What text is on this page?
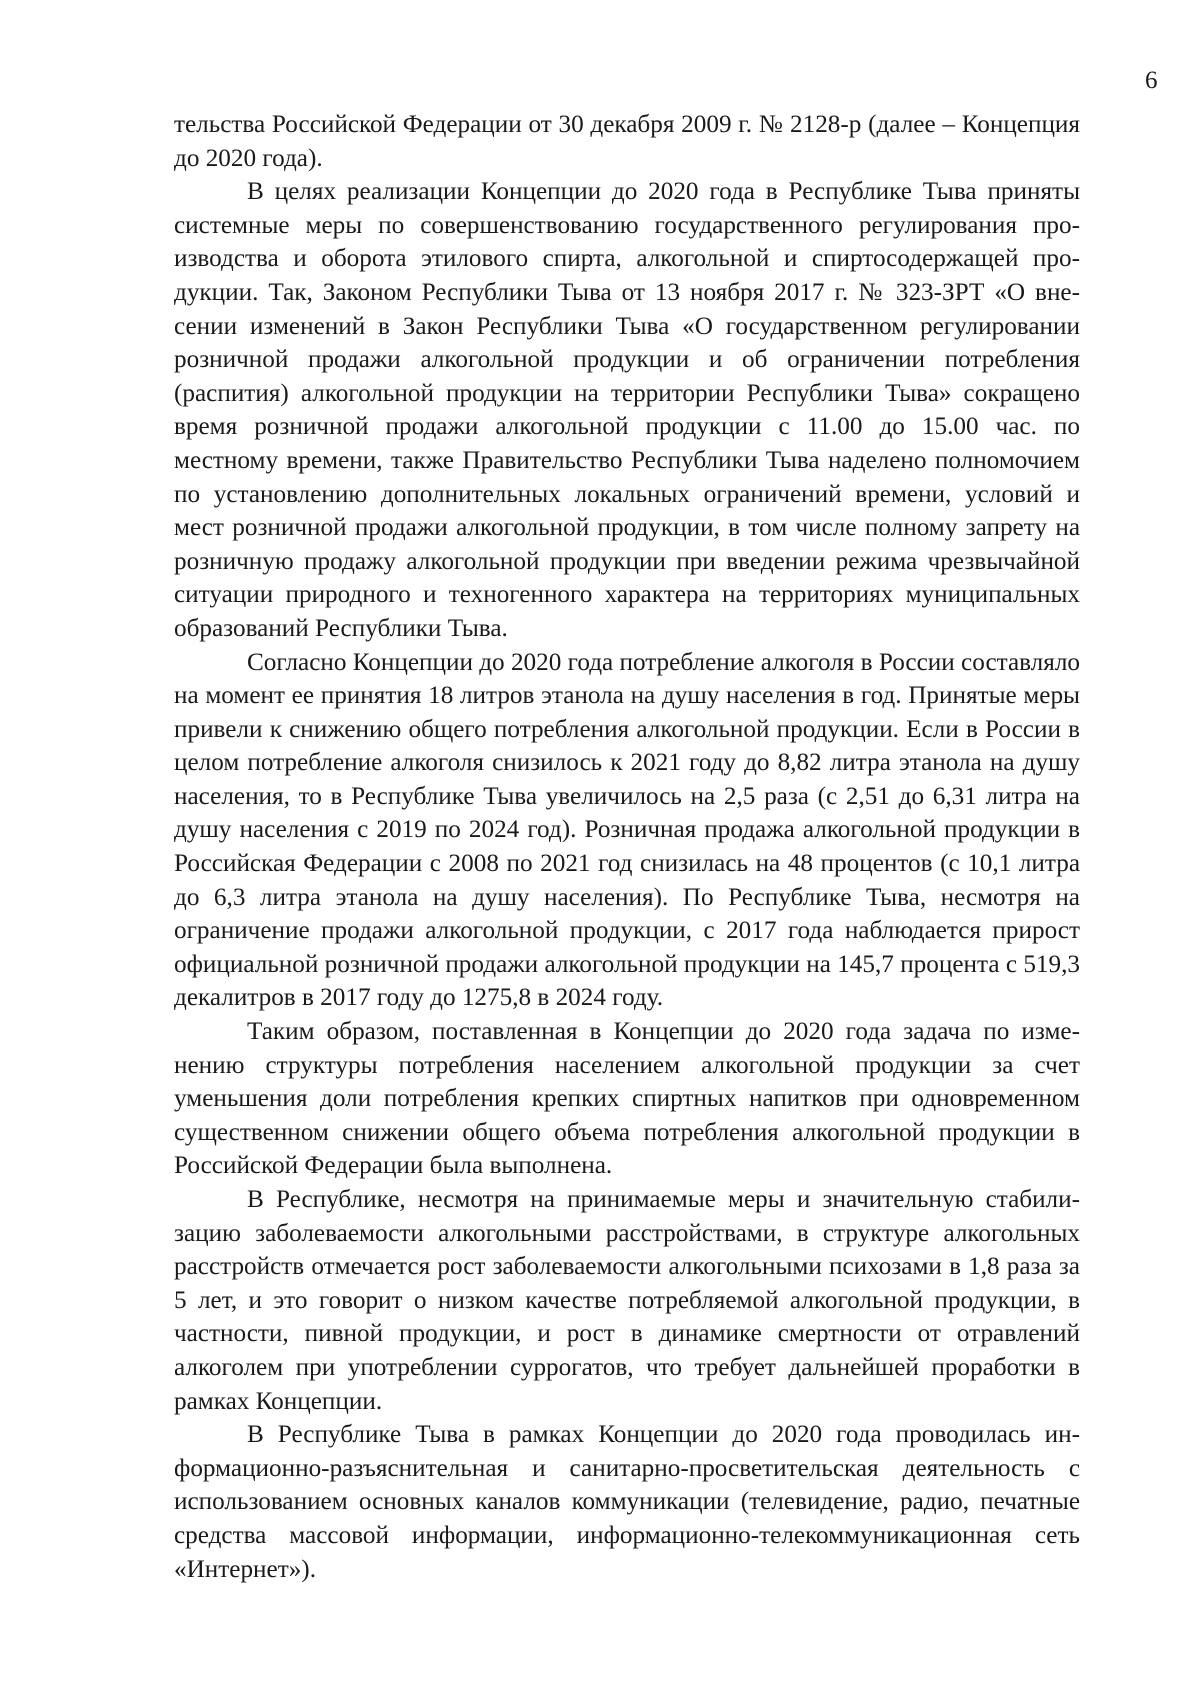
6

тельства Российской Федерации от 30 декабря 2009 г. № 2128-р (далее – Концепция до 2020 года).

В целях реализации Концепции до 2020 года в Республике Тыва приняты системные меры по совершенствованию государственного регулирования производства и оборота этилового спирта, алкогольной и спиртосодержащей продукции. Так, Законом Республики Тыва от 13 ноября 2017 г. № 323-ЗРТ «О внесении изменений в Закон Республики Тыва «О государственном регулировании розничной продажи алкогольной продукции и об ограничении потребления (распития) алкогольной продукции на территории Республики Тыва» сокращено время розничной продажи алкогольной продукции с 11.00 до 15.00 час. по местному времени, также Правительство Республики Тыва наделено полномочием по установлению дополнительных локальных ограничений времени, условий и мест розничной продажи алкогольной продукции, в том числе полному запрету на розничную продажу алкогольной продукции при введении режима чрезвычайной ситуации природного и техногенного характера на территориях муниципальных образований Республики Тыва.

Согласно Концепции до 2020 года потребление алкоголя в России составляло на момент ее принятия 18 литров этанола на душу населения в год. Принятые меры привели к снижению общего потребления алкогольной продукции. Если в России в целом потребление алкоголя снизилось к 2021 году до 8,82 литра этанола на душу населения, то в Республике Тыва увеличилось на 2,5 раза (с 2,51 до 6,31 литра на душу населения с 2019 по 2024 год). Розничная продажа алкогольной продукции в Российская Федерации с 2008 по 2021 год снизилась на 48 процентов (с 10,1 литра до 6,3 литра этанола на душу населения). По Республике Тыва, несмотря на ограничение продажи алкогольной продукции, с 2017 года наблюдается прирост официальной розничной продажи алкогольной продукции на 145,7 процента с 519,3 декалитров в 2017 году до 1275,8 в 2024 году.

Таким образом, поставленная в Концепции до 2020 года задача по изменению структуры потребления населением алкогольной продукции за счет уменьшения доли потребления крепких спиртных напитков при одновременном существенном снижении общего объема потребления алкогольной продукции в Российской Федерации была выполнена.

В Республике, несмотря на принимаемые меры и значительную стабилизацию заболеваемости алкогольными расстройствами, в структуре алкогольных расстройств отмечается рост заболеваемости алкогольными психозами в 1,8 раза за 5 лет, и это говорит о низком качестве потребляемой алкогольной продукции, в частности, пивной продукции, и рост в динамике смертности от отравлений алкоголем при употреблении суррогатов, что требует дальнейшей проработки в рамках Концепции.

В Республике Тыва в рамках Концепции до 2020 года проводилась информационно-разъяснительная и санитарно-просветительская деятельность с использованием основных каналов коммуникации (телевидение, радио, печатные средства массовой информации, информационно-телекоммуникационная сеть «Интернет»).
